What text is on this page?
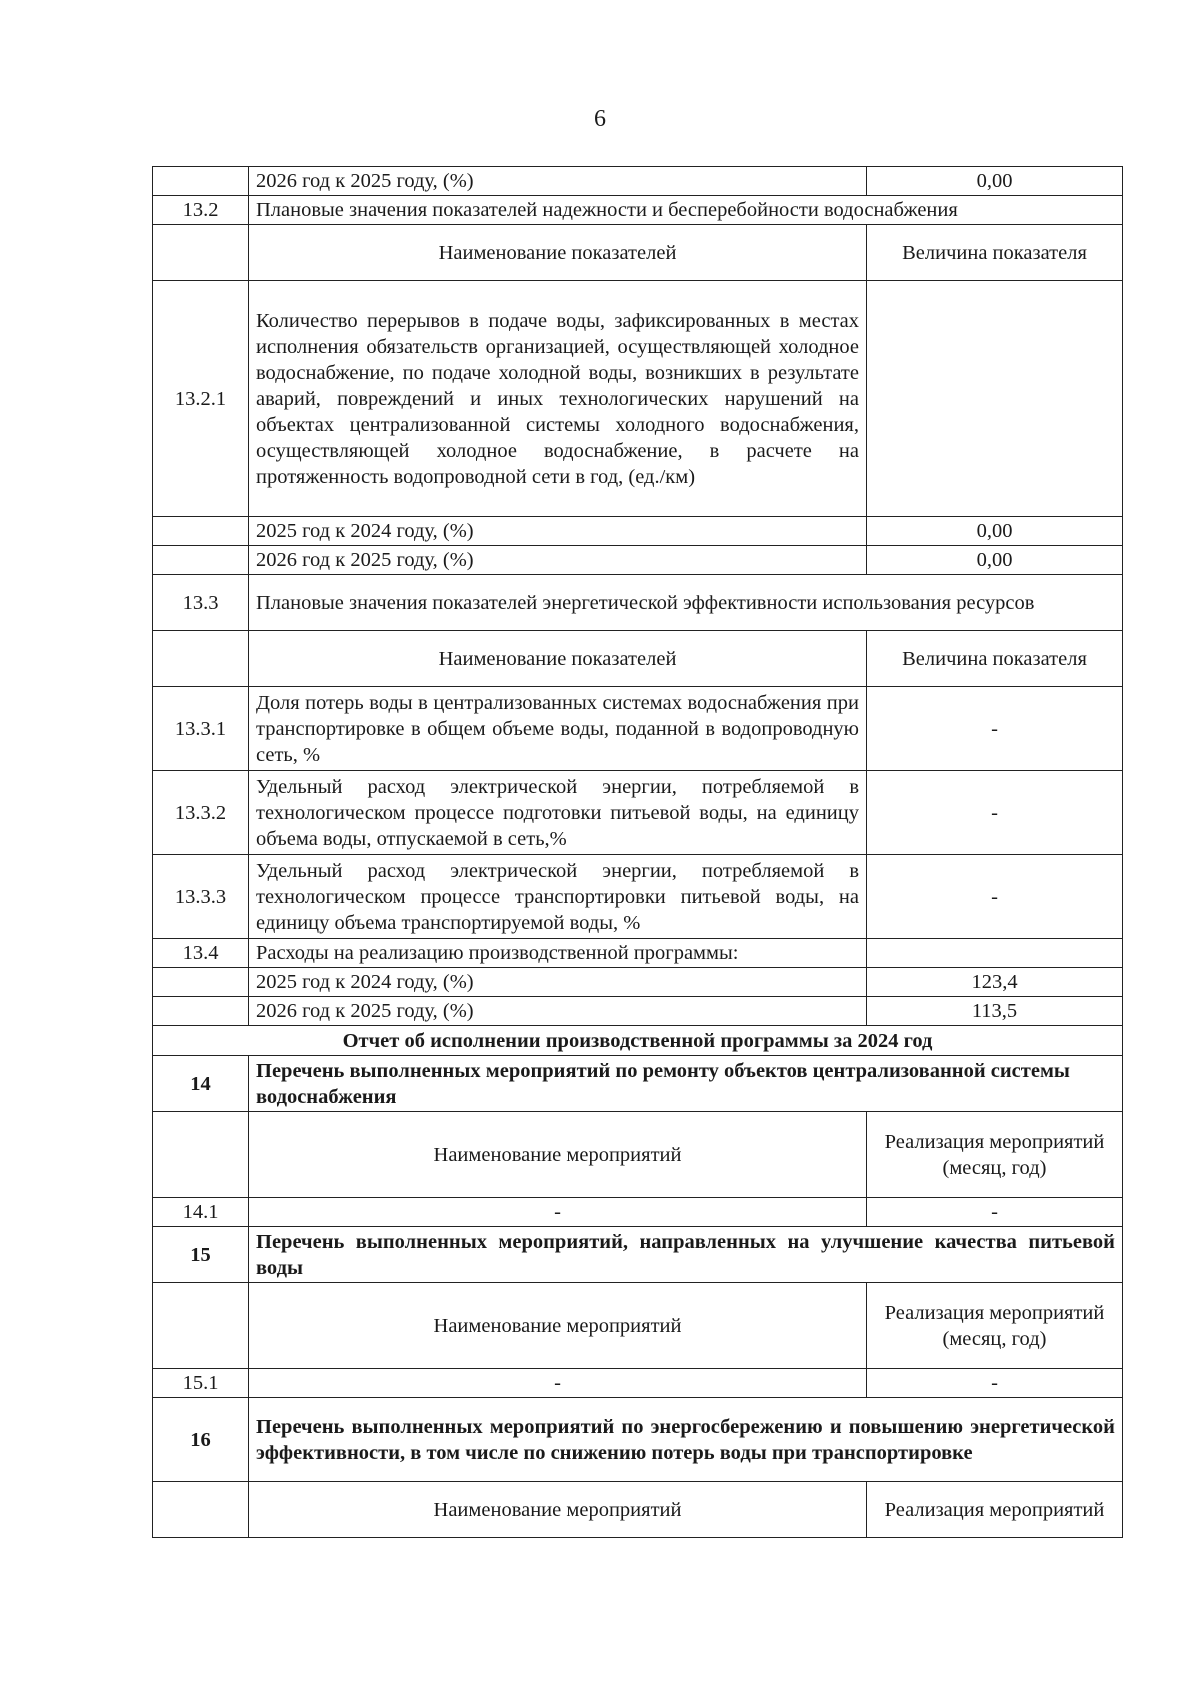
6
	2026 год к 2025 году, (%)	0,00
13.2	Плановые значения показателей надежности и бесперебойности водоснабжения	
	Наименование показателей	Величина показателя
13.2.1	Количество перерывов в подаче воды, зафиксированных в местах исполнения обязательств организацией, осуществляющей холодное водоснабжение, по подаче холодной воды, возникших в результате аварий, повреждений и иных технологических нарушений на объектах централизованной системы холодного водоснабжения, осуществляющей холодное водоснабжение, в расчете на протяженность водопроводной сети в год, (ед./км)	
	2025 год к 2024 году, (%)	0,00
	2026 год к 2025 году, (%)	0,00
13.3	Плановые значения показателей энергетической эффективности использования ресурсов	
	Наименование показателей	Величина показателя
13.3.1	Доля потерь воды в централизованных системах водоснабжения при транспортировке в общем объеме воды, поданной в водопроводную сеть, %	-
13.3.2	Удельный расход электрической энергии, потребляемой в технологическом процессе подготовки питьевой воды, на единицу объема воды, отпускаемой в сеть,%	-
13.3.3	Удельный расход электрической энергии, потребляемой в технологическом процессе транспортировки питьевой воды, на единицу объема транспортируемой воды, %	-
13.4	Расходы на реализацию производственной программы:	
	2025 год к 2024 году, (%)	123,4
	2026 год к 2025 году, (%)	113,5
Отчет об исполнении производственной программы за 2024 год		
14	Перечень выполненных мероприятий по ремонту объектов централизованной системы водоснабжения	
	Наименование мероприятий	Реализация мероприятий (месяц, год)
14.1	-	-
15	Перечень выполненных мероприятий, направленных на улучшение качества питьевой воды	
	Наименование мероприятий	Реализация мероприятий (месяц, год)
15.1	-	-
16	Перечень выполненных мероприятий по энергосбережению и повышению энергетической эффективности, в том числе по снижению потерь воды при транспортировке	
	Наименование мероприятий	Реализация мероприятий
